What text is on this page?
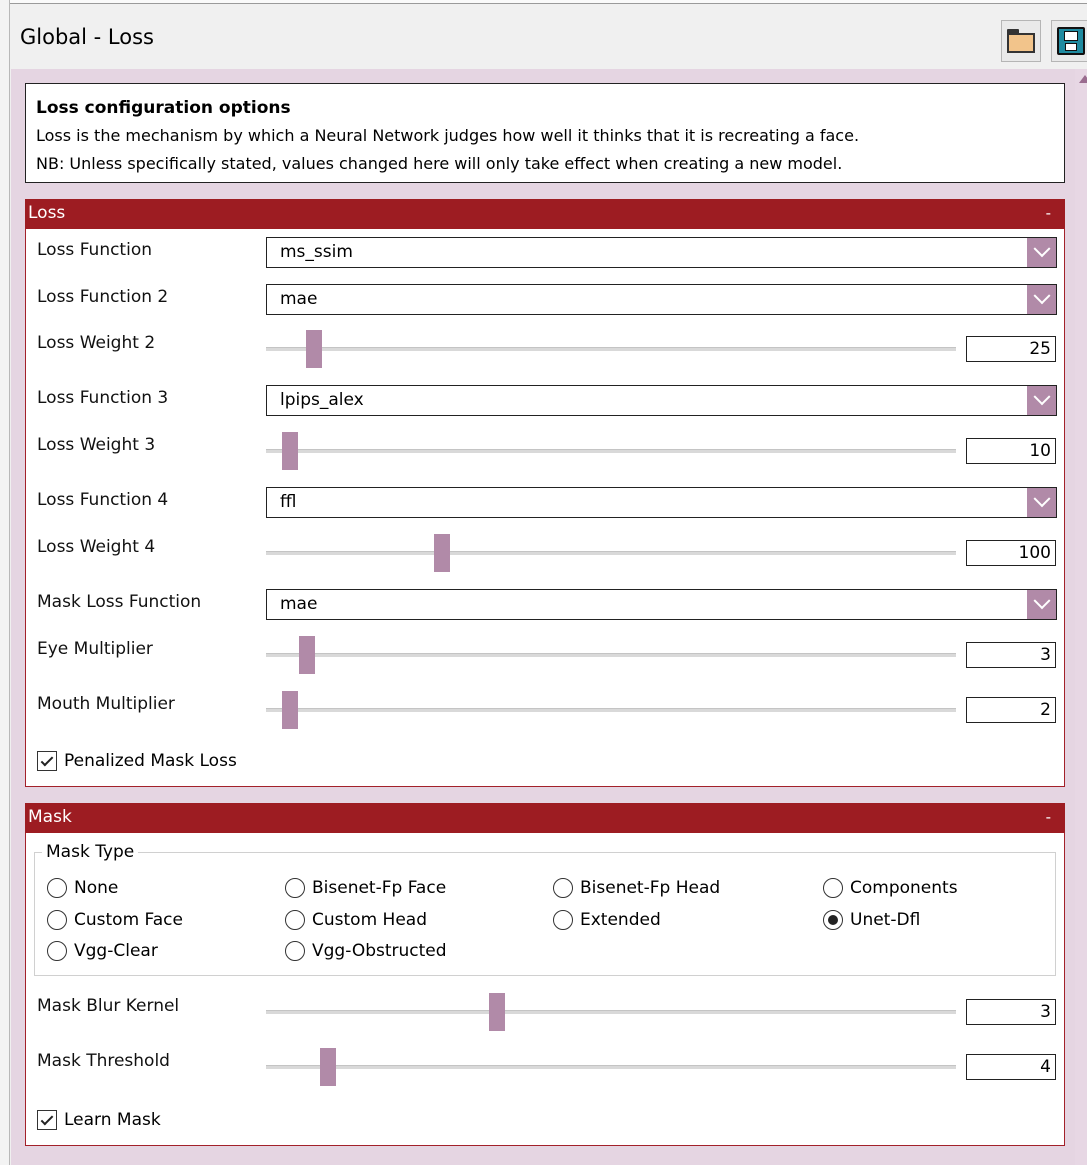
Global - Loss
Loss configuration options
Loss is the mechanism by which a Neural Network judges how well it thinks that it is recreating a face.
NB: Unless specifically stated, values changed here will only take effect when creating a new model.
Loss	-
Loss Function	ms_ssim
Loss Function 2	mae
Loss Weight 2	25
Loss Function 3	lpips_alex
Loss Weight 3	10
Loss Function 4	ffl
Loss Weight 4	100
Mask Loss Function	mae
Eye Multiplier	3
Mouth Multiplier	2
Penalized Mask Loss
Mask	-
Mask Type
None	Bisenet-Fp Face	Bisenet-Fp Head	Components
Custom Face	Custom Head	Extended	Unet-Dfl
Vgg-Clear	Vgg-Obstructed
Mask Blur Kernel	3
Mask Threshold	4
Learn Mask
